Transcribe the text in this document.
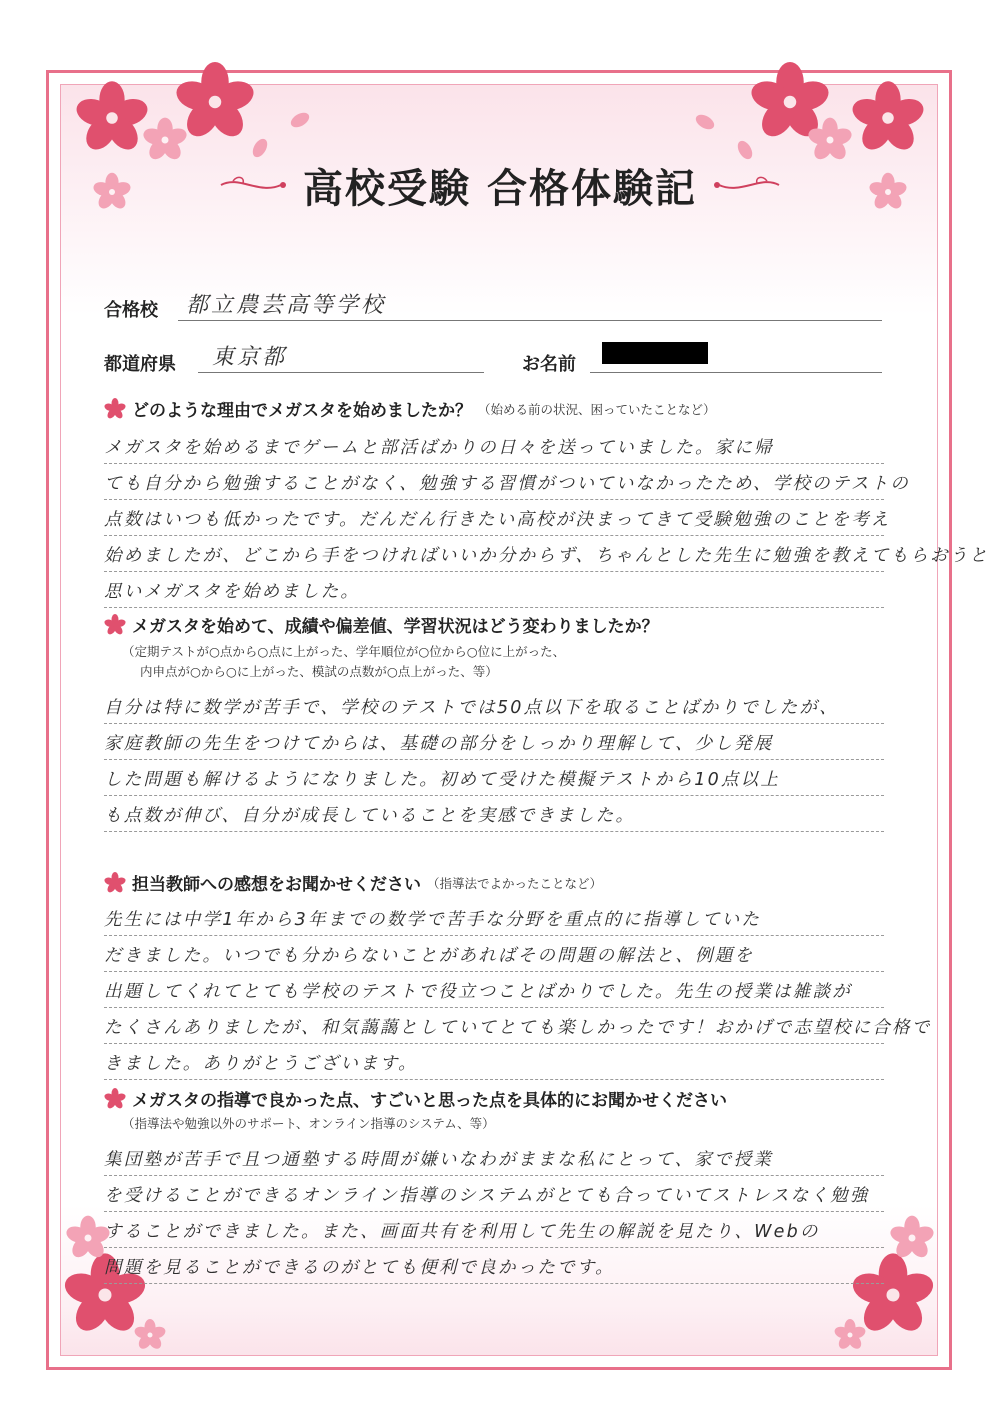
高校受験 合格体験記
合格校 都立農芸高等学校
都道府県 東京都	お名前
どのような理由でメガスタを始めましたか？ （始める前の状況、困っていたことなど）
メガスタを始めるまでゲームと部活ばかりの日々を送っていました。家に帰
ても自分から勉強することがなく、勉強する習慣がついていなかったため、学校のテストの
点数はいつも低かったです。だんだん行きたい高校が決まってきて受験勉強のことを考え
始めましたが、どこから手をつければいいか分からず、ちゃんとした先生に勉強を教えてもらおうと
思いメガスタを始めました。
メガスタを始めて、成績や偏差値、学習状況はどう変わりましたか？
（定期テストが○点から○点に上がった、学年順位が○位から○位に上がった、
内申点が○から○に上がった、模試の点数が○点上がった、等）
自分は特に数学が苦手で、学校のテストでは50点以下を取ることばかりでしたが、
家庭教師の先生をつけてからは、基礎の部分をしっかり理解して、少し発展
した問題も解けるようになりました。初めて受けた模擬テストから10点以上
も点数が伸び、自分が成長していることを実感できました。
担当教師への感想をお聞かせください （指導法でよかったことなど）
先生には中学1年から3年までの数学で苦手な分野を重点的に指導していた
だきました。いつでも分からないことがあればその問題の解法と、例題を
出題してくれてとても学校のテストで役立つことばかりでした。先生の授業は雑談が
たくさんありましたが、和気藹藹としていてとても楽しかったです！おかげで志望校に合格で
きました。ありがとうございます。
メガスタの指導で良かった点、すごいと思った点を具体的にお聞かせください
（指導法や勉強以外のサポート、オンライン指導のシステム、等）
集団塾が苦手で且つ通塾する時間が嫌いなわがままな私にとって、家で授業
を受けることができるオンライン指導のシステムがとても合っていてストレスなく勉強
することができました。また、画面共有を利用して先生の解説を見たり、Webの
問題を見ることができるのがとても便利で良かったです。
